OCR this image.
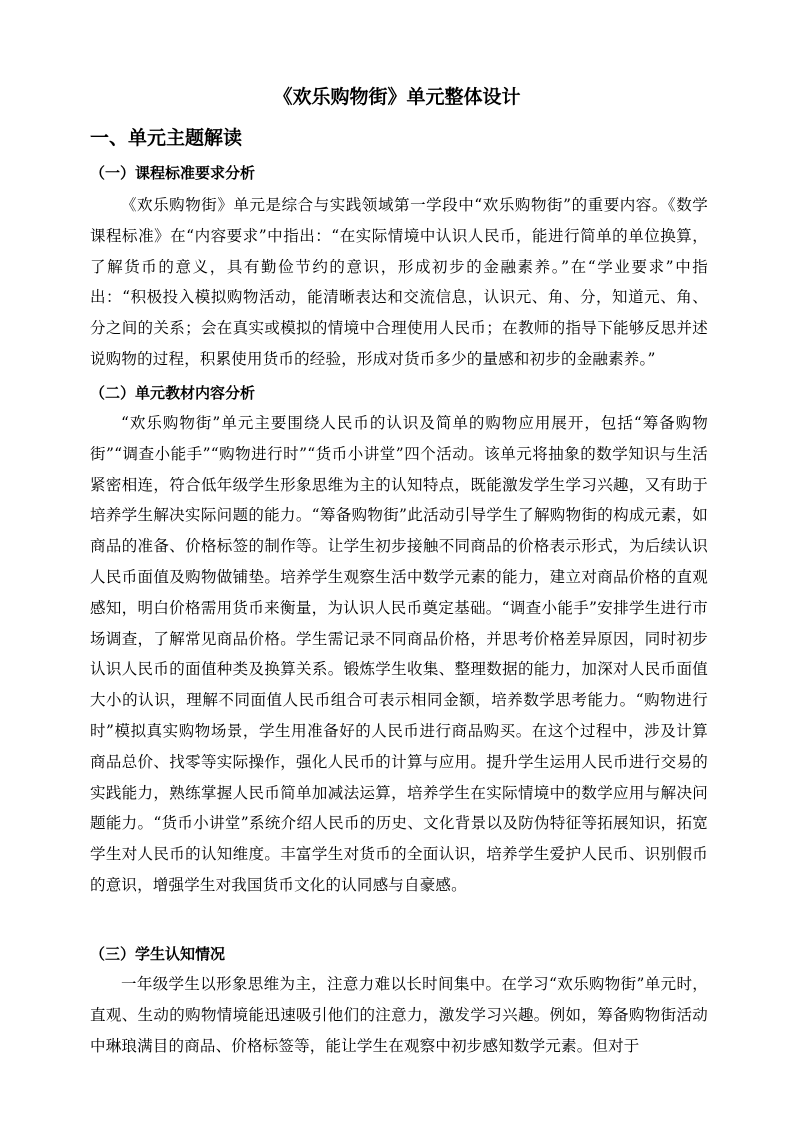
《欢乐购物街》单元整体设计
一、单元主题解读
（一）课程标准要求分析

《欢乐购物街》单元是综合与实践领域第一学段中“欢乐购物街”的重要内容。《数学课程标准》在“内容要求”中指出：“在实际情境中认识人民币，能进行简单的单位换算，了解货币的意义，具有勤俭节约的意识，形成初步的金融素养。”在“学业要求”中指出：“积极投入模拟购物活动，能清晰表达和交流信息，认识元、角、分，知道元、角、分之间的关系；会在真实或模拟的情境中合理使用人民币；在教师的指导下能够反思并述说购物的过程，积累使用货币的经验，形成对货币多少的量感和初步的金融素养。”

（二）单元教材内容分析

“欢乐购物街”单元主要围绕人民币的认识及简单的购物应用展开，包括“筹备购物街”“调查小能手”“购物进行时”“货币小讲堂”四个活动。该单元将抽象的数学知识与生活紧密相连，符合低年级学生形象思维为主的认知特点，既能激发学生学习兴趣，又有助于培养学生解决实际问题的能力。“筹备购物街”此活动引导学生了解购物街的构成元素，如商品的准备、价格标签的制作等。让学生初步接触不同商品的价格表示形式，为后续认识人民币面值及购物做铺垫。培养学生观察生活中数学元素的能力，建立对商品价格的直观感知，明白价格需用货币来衡量，为认识人民币奠定基础。“调查小能手”安排学生进行市场调查，了解常见商品价格。学生需记录不同商品价格，并思考价格差异原因，同时初步认识人民币的面值种类及换算关系。锻炼学生收集、整理数据的能力，加深对人民币面值大小的认识，理解不同面值人民币组合可表示相同金额，培养数学思考能力。“购物进行时”模拟真实购物场景，学生用准备好的人民币进行商品购买。在这个过程中，涉及计算商品总价、找零等实际操作，强化人民币的计算与应用。提升学生运用人民币进行交易的实践能力，熟练掌握人民币简单加减法运算，培养学生在实际情境中的数学应用与解决问题能力。“货币小讲堂”系统介绍人民币的历史、文化背景以及防伪特征等拓展知识，拓宽学生对人民币的认知维度。丰富学生对货币的全面认识，培养学生爱护人民币、识别假币的意识，增强学生对我国货币文化的认同感与自豪感。

（三）学生认知情况

一年级学生以形象思维为主，注意力难以长时间集中。在学习“欢乐购物街”单元时，直观、生动的购物情境能迅速吸引他们的注意力，激发学习兴趣。例如，筹备购物街活动中琳琅满目的商品、价格标签等，能让学生在观察中初步感知数学元素。但对于
